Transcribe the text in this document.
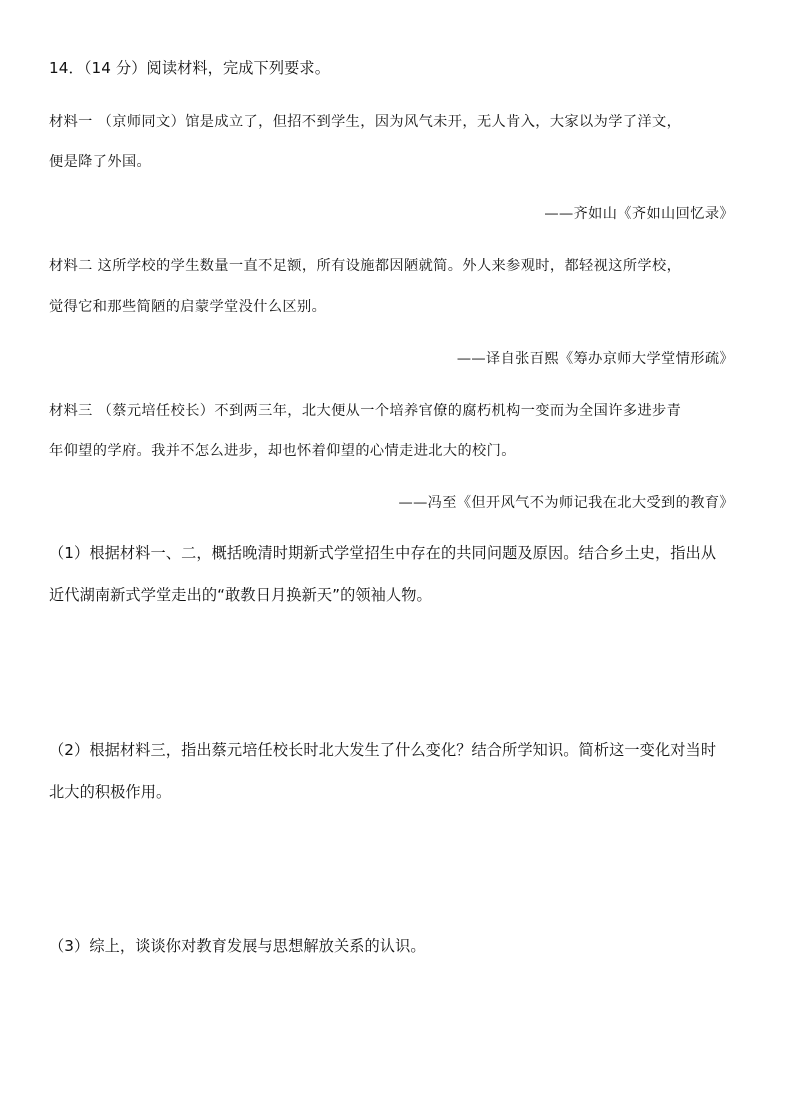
14．（14 分）阅读材料，完成下列要求。
材料一 （京师同文）馆是成立了，但招不到学生，因为风气未开，无人肯入，大家以为学了洋文，
便是降了外国。
——齐如山《齐如山回忆录》
材料二 这所学校的学生数量一直不足额，所有设施都因陋就简。外人来参观时，都轻视这所学校，
觉得它和那些简陋的启蒙学堂没什么区别。
——译自张百熙《筹办京师大学堂情形疏》
材料三 （蔡元培任校长）不到两三年，北大便从一个培养官僚的腐朽机构一变而为全国许多进步青
年仰望的学府。我并不怎么进步，却也怀着仰望的心情走进北大的校门。
——冯至《但开风气不为师记我在北大受到的教育》
（1）根据材料一、二，概括晚清时期新式学堂招生中存在的共同问题及原因。结合乡土史，指出从
近代湖南新式学堂走出的“敢教日月换新天”的领袖人物。
（2）根据材料三，指出蔡元培任校长时北大发生了什么变化？结合所学知识。简析这一变化对当时
北大的积极作用。
（3）综上，谈谈你对教育发展与思想解放关系的认识。
